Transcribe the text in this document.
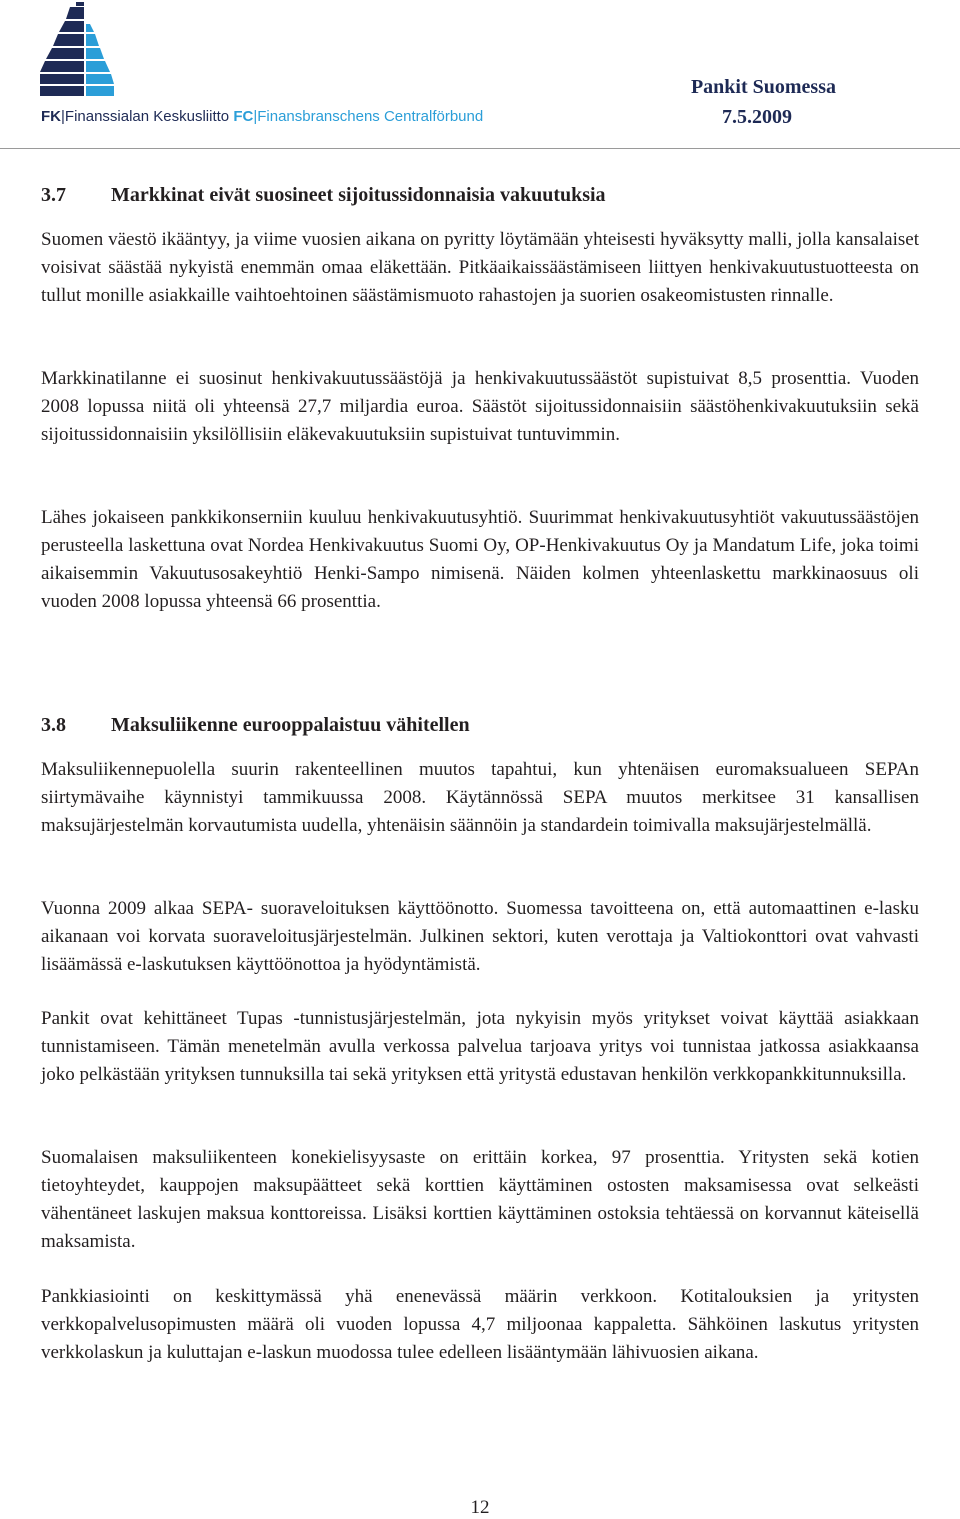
FK|Finanssialan Keskusliitto FC|Finansbranschens Centralförbund
Pankit Suomessa
7.5.2009
3.7 Markkinat eivät suosineet sijoitussidonnaisia vakuutuksia

Suomen väestö ikääntyy, ja viime vuosien aikana on pyritty löytämään yhteisesti hyväksytty malli, jolla kansalaiset voisivat säästää nykyistä enemmän omaa eläkettään. Pitkäaikaissäästämiseen liittyen henkivakuutustuotteesta on tullut monille asiakkaille vaihtoehtoinen säästämismuoto rahastojen ja suorien osakeomistusten rinnalle.

Markkinatilanne ei suosinut henkivakuutussäästöjä ja henkivakuutussäästöt supistuivat 8,5 prosenttia. Vuoden 2008 lopussa niitä oli yhteensä 27,7 miljardia euroa. Säästöt sijoitussidonnaisiin säästöhenkivakuutuksiin sekä sijoitussidonnaisiin yksilöllisiin eläkevakuutuksiin supistuivat tuntuvimmin.

Lähes jokaiseen pankkikonserniin kuuluu henkivakuutusyhtiö. Suurimmat henkivakuutusyhtiöt vakuutussäästöjen perusteella laskettuna ovat Nordea Henkivakuutus Suomi Oy, OP-Henkivakuutus Oy ja Mandatum Life, joka toimi aikaisemmin Vakuutusosakeyhtiö Henki-Sampo nimisenä. Näiden kolmen yhteenlaskettu markkinaosuus oli vuoden 2008 lopussa yhteensä 66 prosenttia.

3.8 Maksuliikenne eurooppalaistuu vähitellen

Maksuliikennepuolella suurin rakenteellinen muutos tapahtui, kun yhtenäisen euromaksualueen SEPAn siirtymävaihe käynnistyi tammikuussa 2008. Käytännössä SEPA muutos merkitsee 31 kansallisen maksujärjestelmän korvautumista uudella, yhtenäisin säännöin ja standardein toimivalla maksujärjestelmällä.

Vuonna 2009 alkaa SEPA- suoraveloituksen käyttöönotto. Suomessa tavoitteena on, että automaattinen e-lasku aikanaan voi korvata suoraveloitusjärjestelmän. Julkinen sektori, kuten verottaja ja Valtiokonttori ovat vahvasti lisäämässä e-laskutuksen käyttöönottoa ja hyödyntämistä.

Pankit ovat kehittäneet Tupas -tunnistusjärjestelmän, jota nykyisin myös yritykset voivat käyttää asiakkaan tunnistamiseen. Tämän menetelmän avulla verkossa palvelua tarjoava yritys voi tunnistaa jatkossa asiakkaansa joko pelkästään yrityksen tunnuksilla tai sekä yrityksen että yritystä edustavan henkilön verkkopankkitunnuksilla.

Suomalaisen maksuliikenteen konekielisyysaste on erittäin korkea, 97 prosenttia. Yritysten sekä kotien tietoyhteydet, kauppojen maksupäätteet sekä korttien käyttäminen ostosten maksamisessa ovat selkeästi vähentäneet laskujen maksua konttoreissa. Lisäksi korttien käyttäminen ostoksia tehtäessä on korvannut käteisellä maksamista.

Pankkiasiointi on keskittymässä yhä enenevässä määrin verkkoon. Kotitalouksien ja yritysten verkkopalvelusopimusten määrä oli vuoden lopussa 4,7 miljoonaa kappaletta. Sähköinen laskutus yritysten verkkolaskun ja kuluttajan e-laskun muodossa tulee edelleen lisääntymään lähivuosien aikana.

12
